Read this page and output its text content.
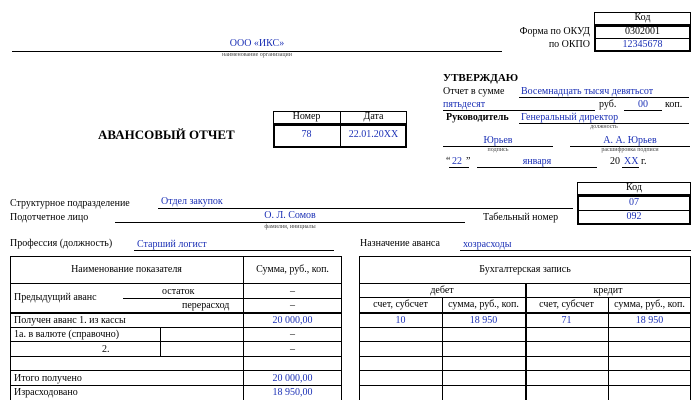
Код
Форма по ОКУД	0302001
по ОКПО	12345678
ООО «ИКС»
наименование организации
УТВЕРЖДАЮ
Отчет в сумме Восемнадцать тысяч девятьсот
пятьдесят	руб.	00	коп.
Руководитель Генеральный директор
должность
Юрьев
подпись
А. А. Юрьев
расшифровка подписи
“ 22 ”	января	20 XX г.
АВАНСОВЫЙ ОТЧЕТ
Номер	Дата
78	22.01.20XX
Код
07
092
Структурное подразделение	Отдел закупок
Подотчетное лицо	О. Л. Сомов
фамилия, инициалы
Табельный номер
Профессия (должность) Старший логист	Назначение аванса хозрасходы
Наименование показателя	Сумма, руб., коп.
Предыдущий аванс
остаток	–
перерасход	–
Получен аванс 1. из кассы	20 000,00
1а. в валюте (справочно)	–
2.	–
Итого получено	20 000,00
Израсходовано	18 950,00
Бухгалтерская запись
дебет	кредит
счет, субсчет	сумма, руб., коп.	счет, субсчет	сумма, руб., коп.
10	18 950	71	18 950
